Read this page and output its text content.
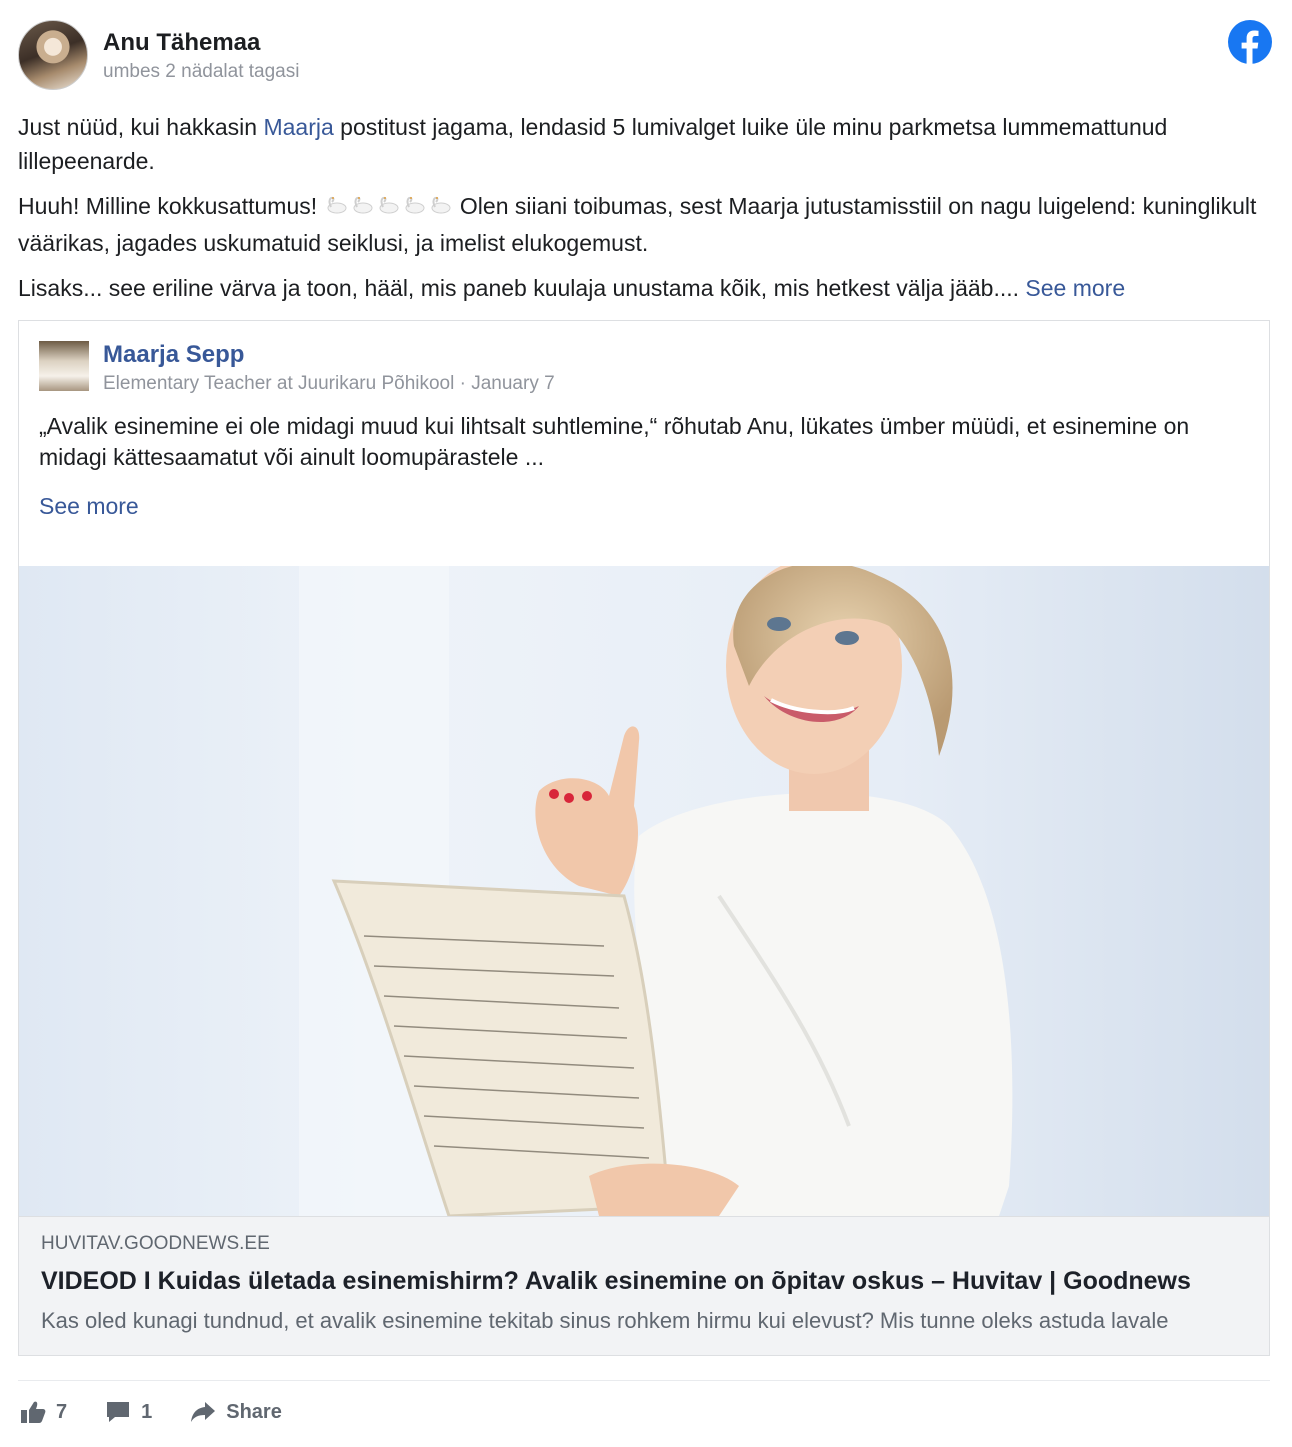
Anu Tähemaa
umbes 2 nädalat tagasi

Just nüüd, kui hakkasin Maarja postitust jagama, lendasid 5 lumivalget luike üle minu parkmetsa lummemattunud lillepeenarde.

Huuh! Milline kokkusattumus!	Olen siiani toibumas, sest Maarja jutustamisstiil on nagu luigelend: kuninglikult väärikas, jagades uskumatuid seiklusi, ja imelist elukogemust.

Lisaks... see eriline värva ja toon, hääl, mis paneb kuulaja unustama kõik, mis hetkest välja jääb.... See more

Maarja Sepp
Elementary Teacher at Juurikaru Põhikool · January 7
„Avalik esinemine ei ole midagi muud kui lihtsalt suhtlemine,“ rõhutab Anu, lükates ümber müüdi, et esinemine on midagi kättesaamatut või ainult loomupärastele ...
See more
HUVITAV.GOODNEWS.EE
VIDEOD I Kuidas ületada esinemishirm? Avalik esinemine on õpitav oskus – Huvitav | Goodnews
Kas oled kunagi tundnud, et avalik esinemine tekitab sinus rohkem hirmu kui elevust? Mis tunne oleks astuda lavale
7	1	Share
